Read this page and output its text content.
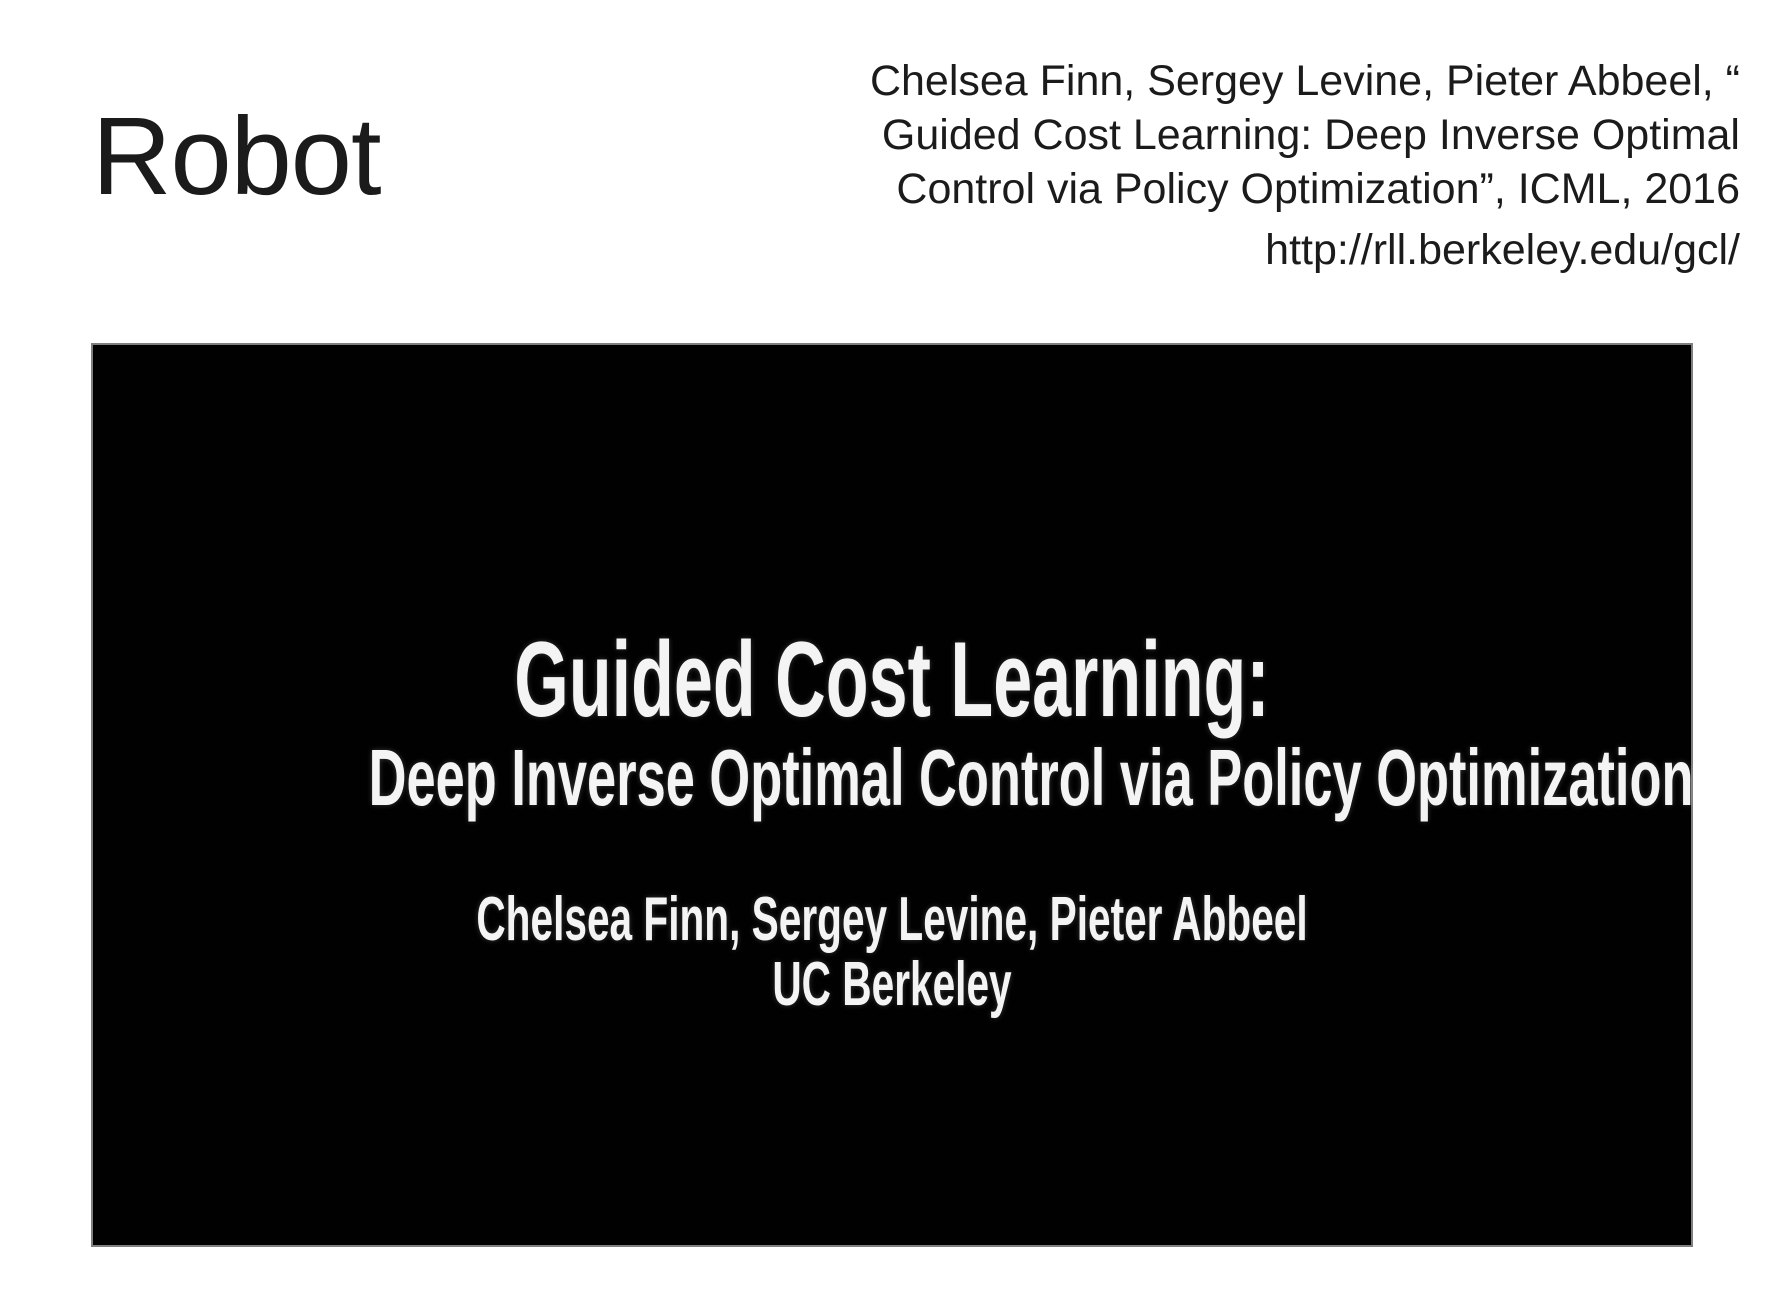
Robot
Chelsea Finn, Sergey Levine, Pieter Abbeel, “
Guided Cost Learning: Deep Inverse Optimal
Control via Policy Optimization”, ICML, 2016
http://rll.berkeley.edu/gcl/
Guided Cost Learning:
Deep Inverse Optimal Control via Policy Optimization
Chelsea Finn, Sergey Levine, Pieter Abbeel
UC Berkeley
